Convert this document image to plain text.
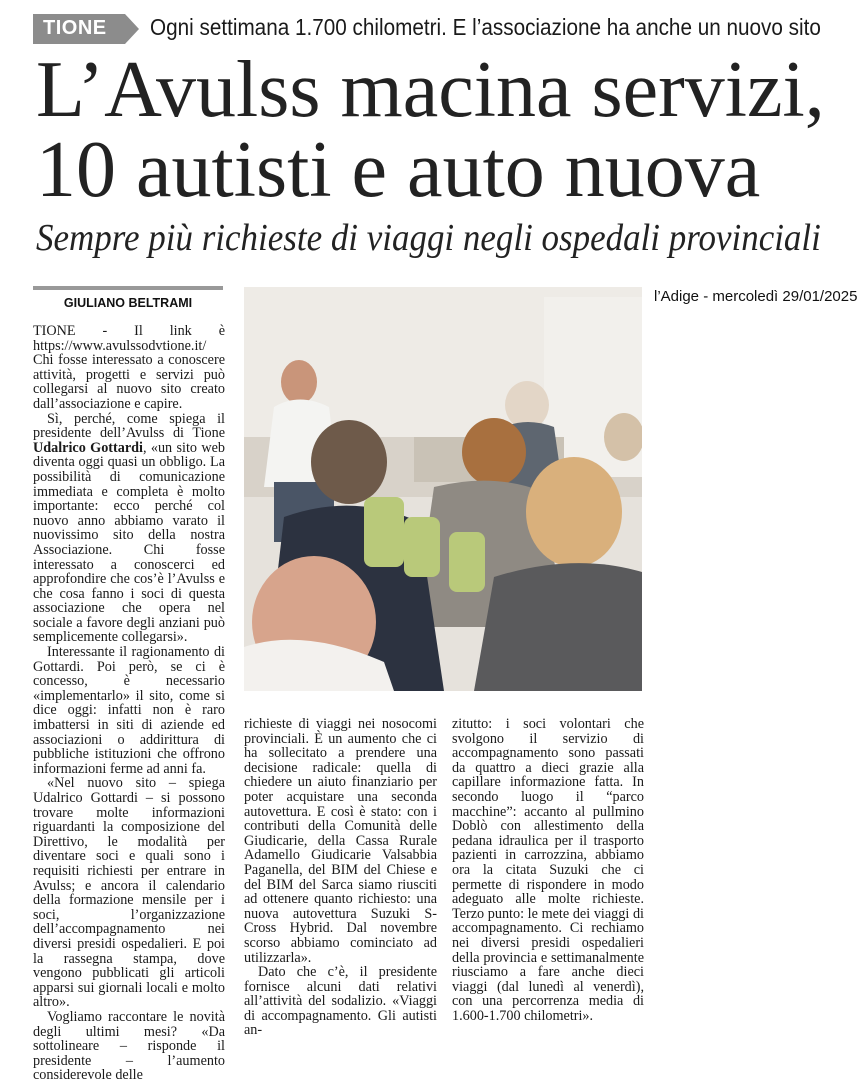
TIONE Ogni settimana 1.700 chilometri. E l’associazione ha anche un nuovo sito
L’Avulss macina servizi,
10 autisti e auto nuova
Sempre più richieste di viaggi negli ospedali provinciali
GIULIANO BELTRAMI	l’Adige - mercoledì 29/01/2025

TIONE - Il link è https://www.avulssodvtione.it/ Chi fosse interessato a conoscere attività, progetti e servizi può collegarsi al nuovo sito creato dall’associazione e capire.

Sì, perché, come spiega il presidente dell’Avulss di Tione Udalrico Gottardi, «un sito web diventa oggi quasi un obbligo. La possibilità di comunicazione immediata e completa è molto importante: ecco perché col nuovo anno abbiamo varato il nuovissimo sito della nostra Associazione. Chi fosse interessato a conoscerci ed approfondire che cos’è l’Avulss e che cosa fanno i soci di questa associazione che opera nel sociale a favore degli anziani può semplicemente collegarsi».

Interessante il ragionamento di Gottardi. Poi però, se ci è concesso, è necessario «implementarlo» il sito, come si dice oggi: infatti non è raro imbattersi in siti di aziende ed associazioni o addirittura di pubbliche istituzioni che offrono informazioni ferme ad anni fa.

«Nel nuovo sito – spiega Udalrico Gottardi – si possono trovare molte informazioni riguardanti la composizione del Direttivo, le modalità per diventare soci e quali sono i requisiti richiesti per entrare in Avulss; e ancora il calendario della formazione mensile per i soci, l’organizzazione dell’accompagnamento nei diversi presidi ospedalieri. E poi la rassegna stampa, dove vengono pubblicati gli articoli apparsi sui giornali locali e molto altro».

Vogliamo raccontare le novità degli ultimi mesi? «Da sottolineare – risponde il presidente – l’aumento considerevole delle

richieste di viaggi nei nosocomi provinciali. È un aumento che ci ha sollecitato a prendere una decisione radicale: quella di chiedere un aiuto finanziario per poter acquistare una seconda autovettura. E così è stato: con i contributi della Comunità delle Giudicarie, della Cassa Rurale Adamello Giudicarie Valsabbia Paganella, del BIM del Chiese e del BIM del Sarca siamo riusciti ad ottenere quanto richiesto: una nuova autovettura Suzuki S-Cross Hybrid. Dal novembre scorso abbiamo cominciato ad utilizzarla».

Dato che c’è, il presidente fornisce alcuni dati relativi all’attività del sodalizio. «Viaggi di accompagnamento. Gli autisti an-

zitutto: i soci volontari che svolgono il servizio di accompagnamento sono passati da quattro a dieci grazie alla capillare informazione fatta. In secondo luogo il “parco macchine”: accanto al pullmino Doblò con allestimento della pedana idraulica per il trasporto pazienti in carrozzina, abbiamo ora la citata Suzuki che ci permette di rispondere in modo adeguato alle molte richieste. Terzo punto: le mete dei viaggi di accompagnamento. Ci rechiamo nei diversi presidi ospedalieri della provincia e settimanalmente riusciamo a fare anche dieci viaggi (dal lunedì al venerdì), con una percorrenza media di 1.600-1.700 chilometri».
